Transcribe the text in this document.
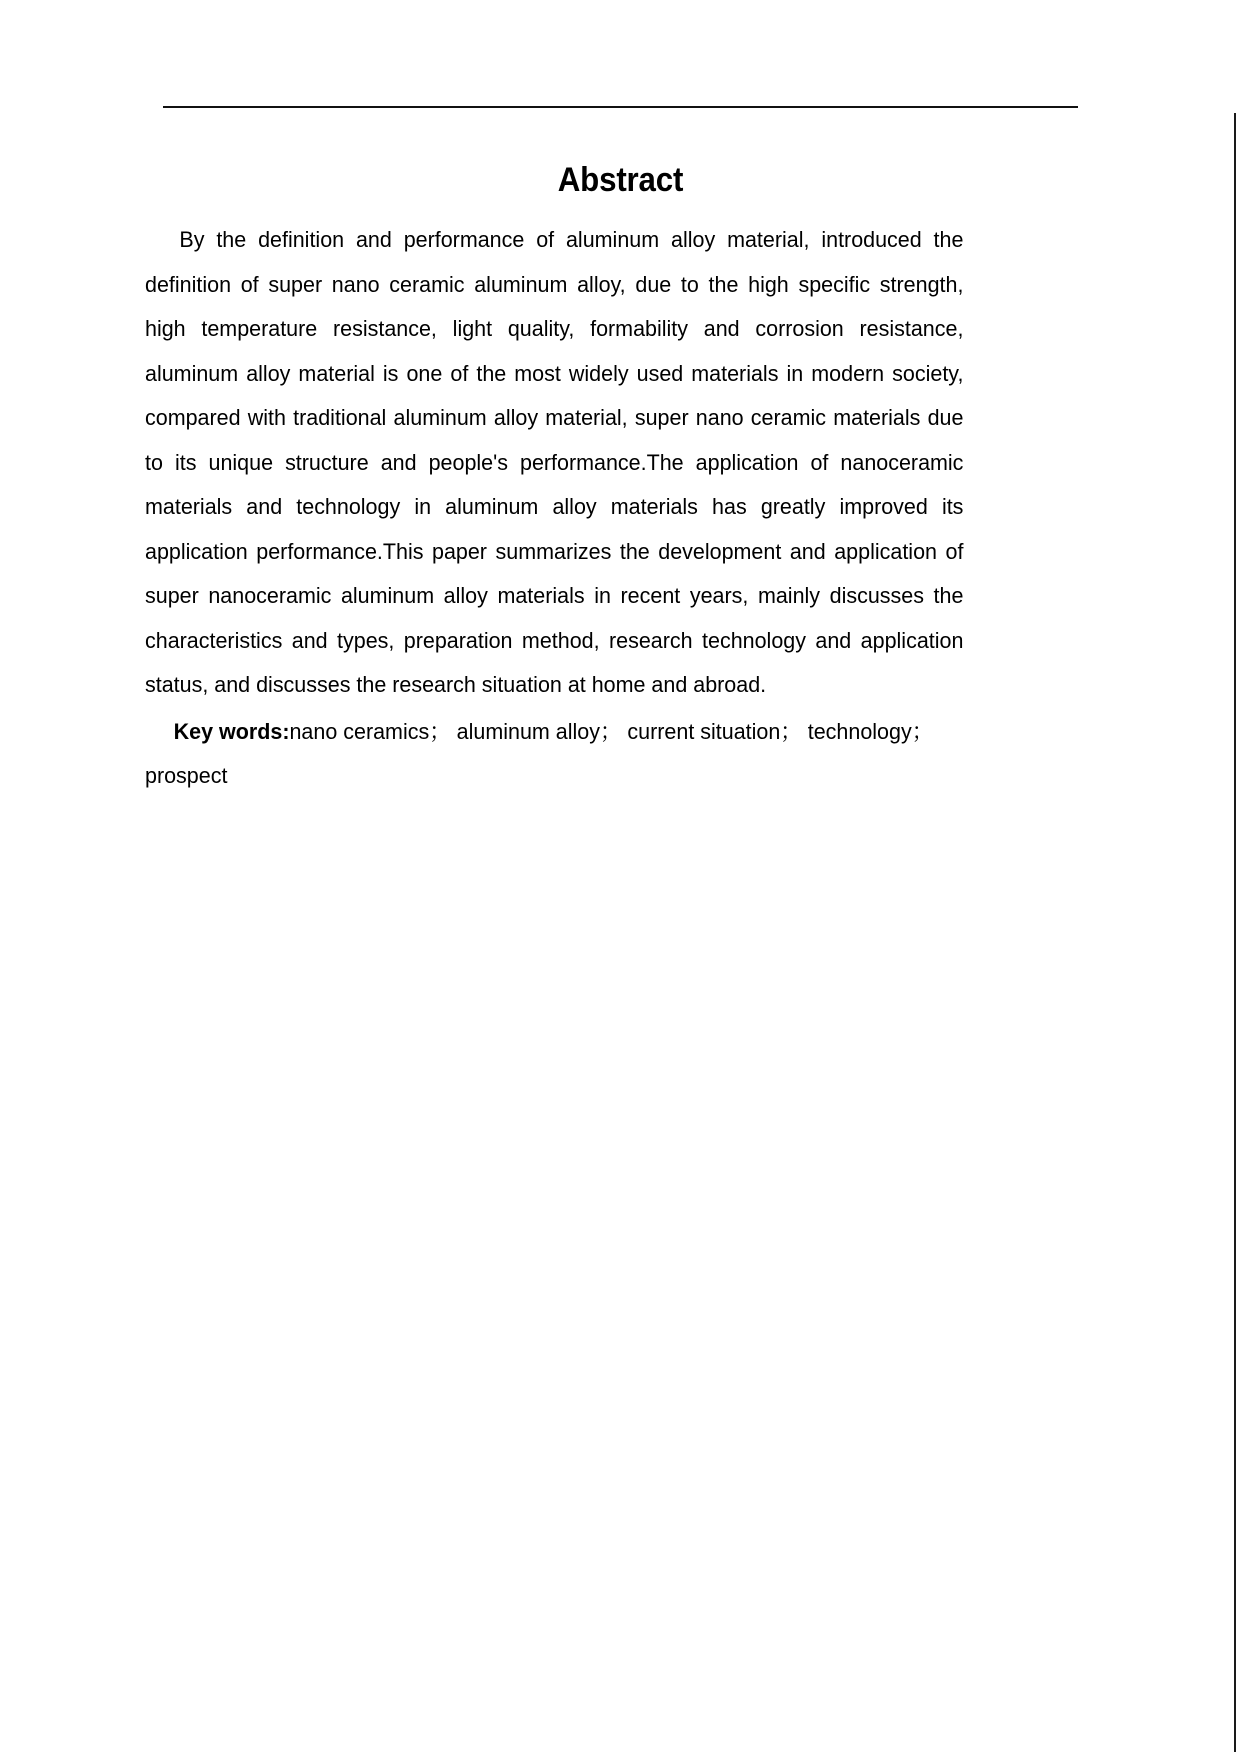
Abstract

By the definition and performance of aluminum alloy material, introduced the definition of super nano ceramic aluminum alloy, due to the high specific strength, high temperature resistance, light quality, formability and corrosion resistance, aluminum alloy material is one of the most widely used materials in modern society, compared with traditional aluminum alloy material, super nano ceramic materials due to its unique structure and people's performance.The application of nanoceramic materials and technology in aluminum alloy materials has greatly improved its application performance.This paper summarizes the development and application of super nanoceramic aluminum alloy materials in recent years, mainly discusses the characteristics and types, preparation method, research technology and application status, and discusses the research situation at home and abroad.

Key words:nano ceramics； aluminum alloy； current situation； technology； prospect
